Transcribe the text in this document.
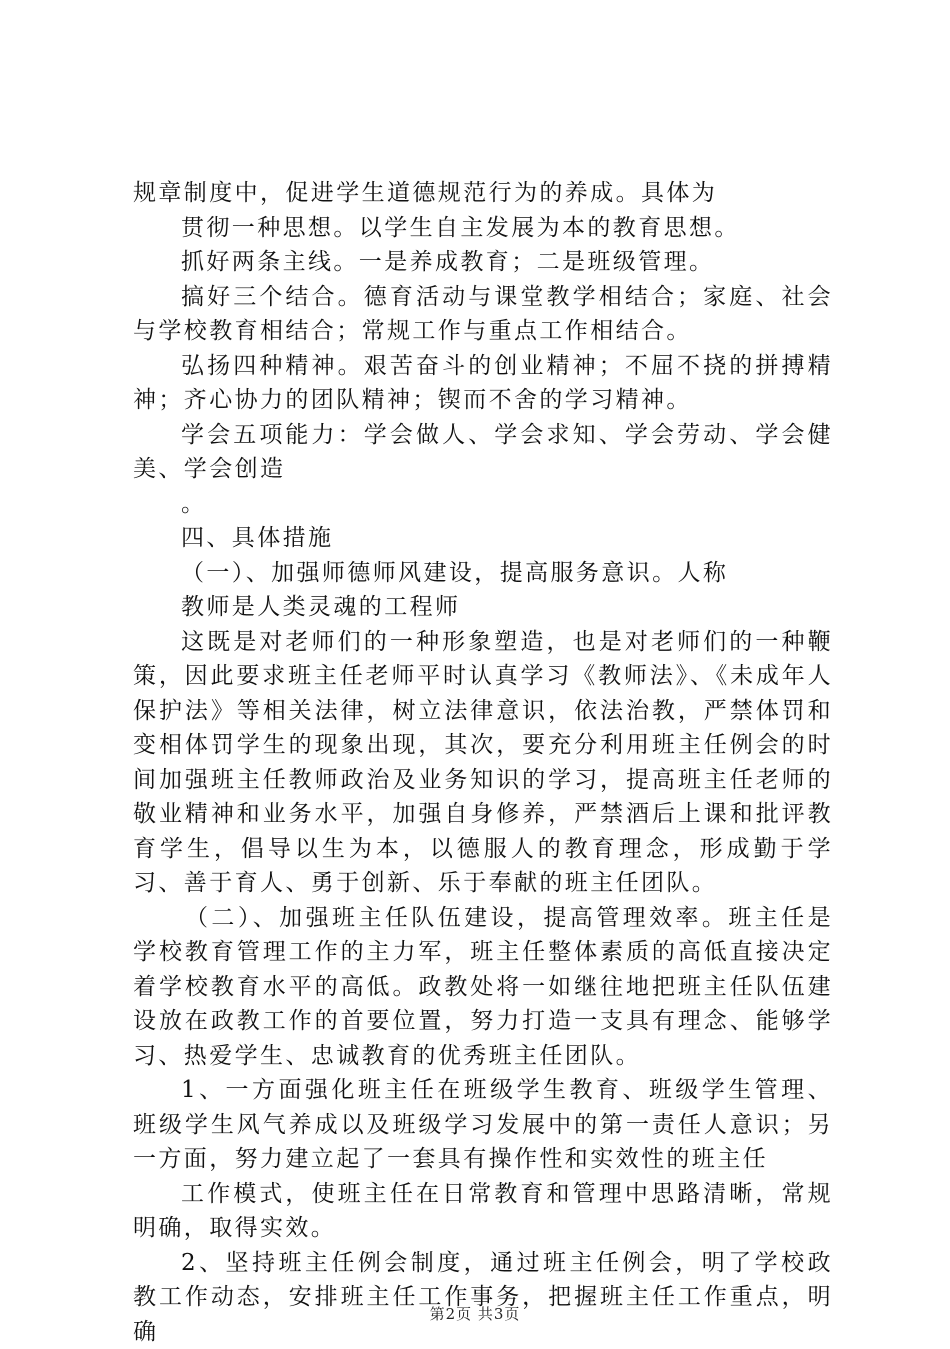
规章制度中，促进学生道德规范行为的养成。具体为

贯彻一种思想。以学生自主发展为本的教育思想。

抓好两条主线。一是养成教育；二是班级管理。

搞好三个结合。德育活动与课堂教学相结合；家庭、社会与学校教育相结合；常规工作与重点工作相结合。

弘扬四种精神。艰苦奋斗的创业精神；不屈不挠的拼搏精神；齐心协力的团队精神；锲而不舍的学习精神。

学会五项能力：学会做人、学会求知、学会劳动、学会健美、学会创造

。

四、具体措施

（一）、加强师德师风建设，提高服务意识。人称

教师是人类灵魂的工程师

这既是对老师们的一种形象塑造，也是对老师们的一种鞭策，因此要求班主任老师平时认真学习《教师法》、《未成年人保护法》等相关法律，树立法律意识，依法治教，严禁体罚和变相体罚学生的现象出现，其次，要充分利用班主任例会的时间加强班主任教师政治及业务知识的学习，提高班主任老师的敬业精神和业务水平，加强自身修养，严禁酒后上课和批评教育学生，倡导以生为本，以德服人的教育理念，形成勤于学习、善于育人、勇于创新、乐于奉献的班主任团队。

（二）、加强班主任队伍建设，提高管理效率。班主任是学校教育管理工作的主力军，班主任整体素质的高低直接决定着学校教育水平的高低。政教处将一如继往地把班主任队伍建设放在政教工作的首要位置，努力打造一支具有理念、能够学习、热爱学生、忠诚教育的优秀班主任团队。

1、一方面强化班主任在班级学生教育、班级学生管理、班级学生风气养成以及班级学习发展中的第一责任人意识；另一方面，努力建立起了一套具有操作性和实效性的班主任

工作模式，使班主任在日常教育和管理中思路清晰，常规明确，取得实效。

2、坚持班主任例会制度，通过班主任例会，明了学校政教工作动态，安排班主任工作事务，把握班主任工作重点，明确

第2页 共3页
